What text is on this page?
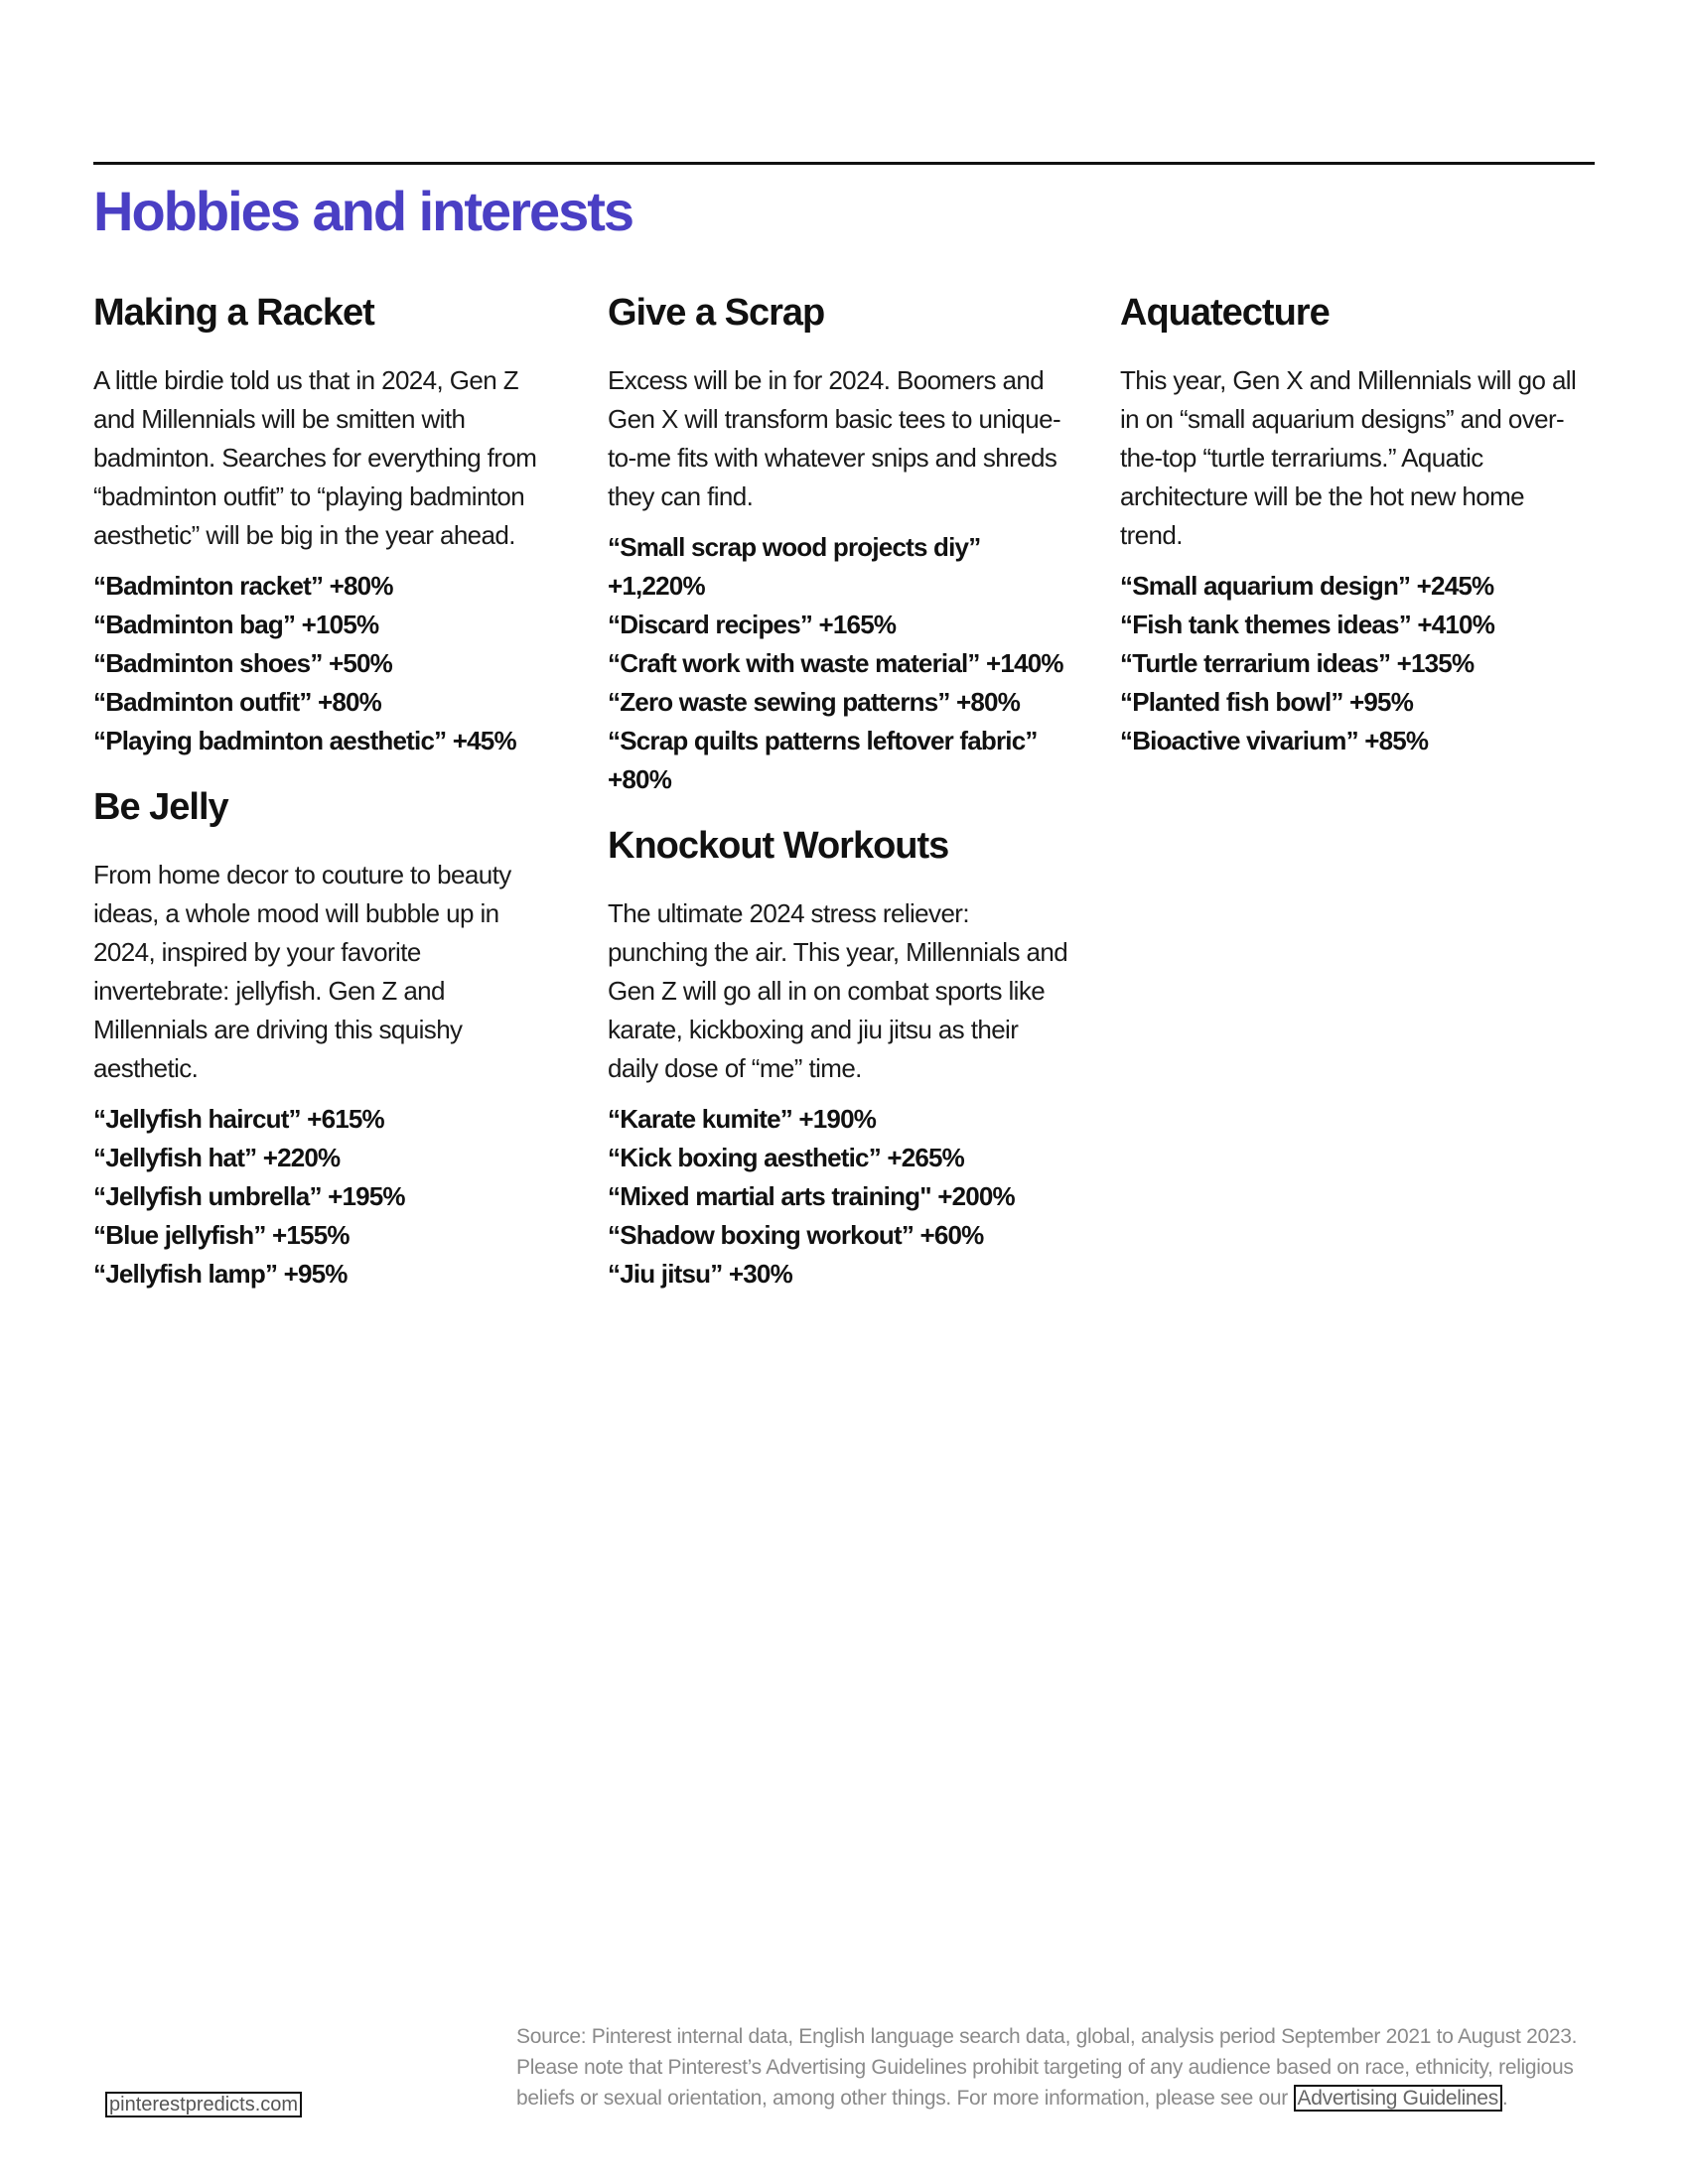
Hobbies and interests
Making a Racket

A little birdie told us that in 2024, Gen Z and Millennials will be smitten with badminton. Searches for everything from “badminton outfit” to “playing badminton aesthetic” will be big in the year ahead.

“Badminton racket” +80%
“Badminton bag” +105%
“Badminton shoes” +50%
“Badminton outfit” +80%
“Playing badminton aesthetic” +45%
Be Jelly

From home decor to couture to beauty ideas, a whole mood will bubble up in 2024, inspired by your favorite invertebrate: jellyfish. Gen Z and Millennials are driving this squishy aesthetic.

“Jellyfish haircut” +615%
“Jellyfish hat” +220%
“Jellyfish umbrella” +195%
“Blue jellyfish” +155%
“Jellyfish lamp” +95%
Give a Scrap

Excess will be in for 2024. Boomers and Gen X will transform basic tees to unique-to-me fits with whatever snips and shreds they can find.

“Small scrap wood projects diy” +1,220%
“Discard recipes” +165%
“Craft work with waste material” +140%
“Zero waste sewing patterns” +80%
“Scrap quilts patterns leftover fabric” +80%
Knockout Workouts

The ultimate 2024 stress reliever: punching the air. This year, Millennials and Gen Z will go all in on combat sports like karate, kickboxing and jiu jitsu as their daily dose of “me” time.

“Karate kumite” +190%
“Kick boxing aesthetic” +265%
“Mixed martial arts training" +200%
“Shadow boxing workout” +60%
“Jiu jitsu” +30%
Aquatecture

This year, Gen X and Millennials will go all in on “small aquarium designs” and over-the-top “turtle terrariums.” Aquatic architecture will be the hot new home trend.

“Small aquarium design” +245%
“Fish tank themes ideas” +410%
“Turtle terrarium ideas” +135%
“Planted fish bowl” +95%
“Bioactive vivarium” +85%
pinterestpredicts.com

Source: Pinterest internal data, English language search data, global, analysis period September 2021 to August 2023. Please note that Pinterest’s Advertising Guidelines prohibit targeting of any audience based on race, ethnicity, religious beliefs or sexual orientation, among other things. For more information, please see our Advertising Guidelines .
